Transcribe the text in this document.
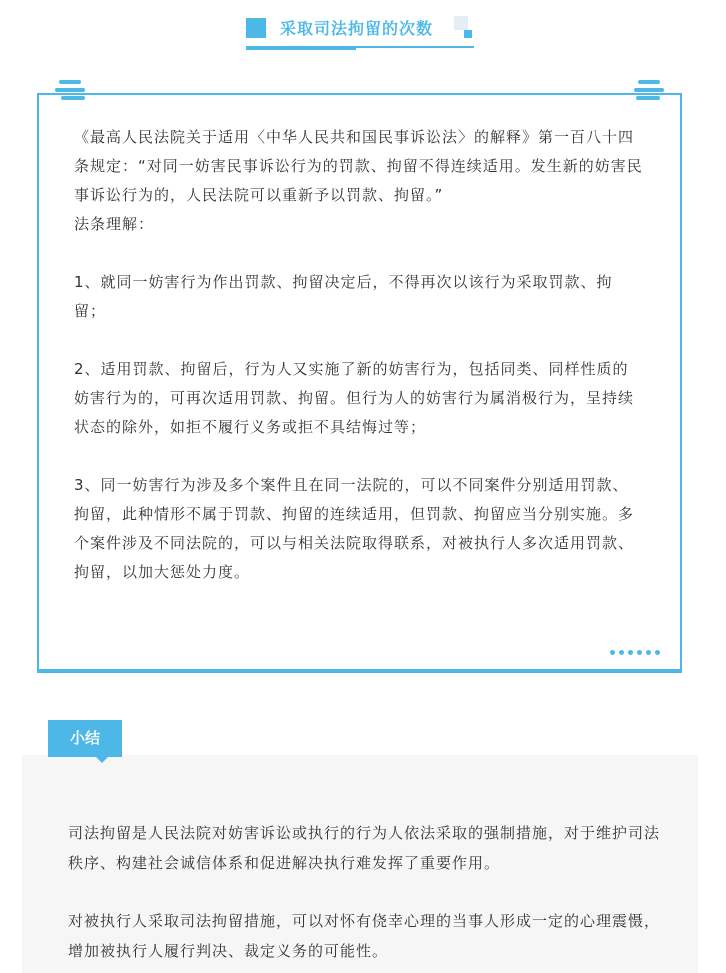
采取司法拘留的次数

《最高人民法院关于适用〈中华人民共和国民事诉讼法〉的解释》第一百八十四条规定：“对同一妨害民事诉讼行为的罚款、拘留不得连续适用。发生新的妨害民事诉讼行为的，人民法院可以重新予以罚款、拘留。”

法条理解：

1、就同一妨害行为作出罚款、拘留决定后，不得再次以该行为采取罚款、拘留；

2、适用罚款、拘留后，行为人又实施了新的妨害行为，包括同类、同样性质的妨害行为的，可再次适用罚款、拘留。但行为人的妨害行为属消极行为，呈持续状态的除外，如拒不履行义务或拒不具结悔过等；

3、同一妨害行为涉及多个案件且在同一法院的，可以不同案件分别适用罚款、拘留，此种情形不属于罚款、拘留的连续适用，但罚款、拘留应当分别实施。多个案件涉及不同法院的，可以与相关法院取得联系，对被执行人多次适用罚款、拘留，以加大惩处力度。

小结

司法拘留是人民法院对妨害诉讼或执行的行为人依法采取的强制措施，对于维护司法秩序、构建社会诚信体系和促进解决执行难发挥了重要作用。

对被执行人采取司法拘留措施，可以对怀有侥幸心理的当事人形成一定的心理震慑，增加被执行人履行判决、裁定义务的可能性。
